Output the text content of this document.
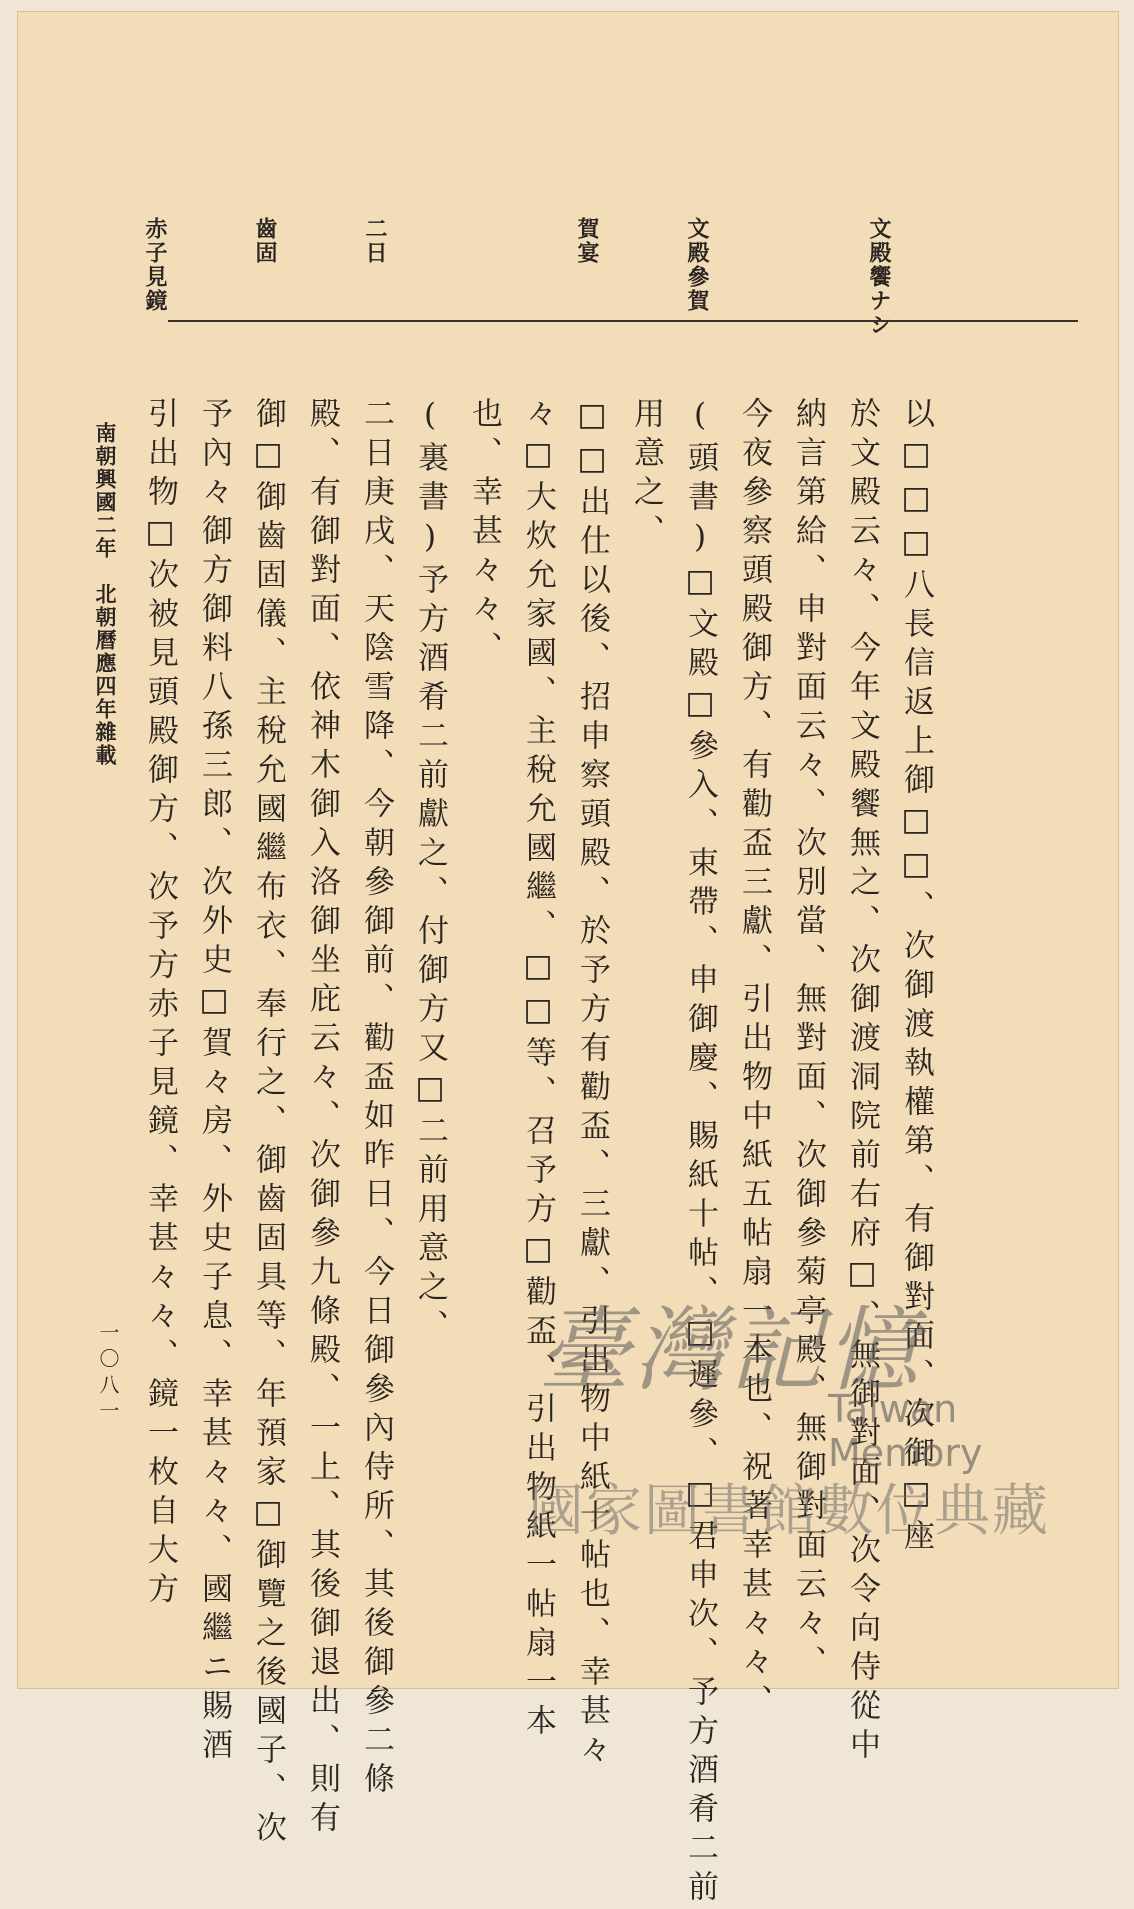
文殿饗ナシ
文殿參賀
賀宴
二日
齒固
赤子見鏡
以□□□八長信返上御□□、次御渡執權第、有御對面、次御□座
於文殿云々、今年文殿饗無之、次御渡洞院前右府□、無御對面、次令向侍從中
納言第給、申對面云々、次別當、無對面、次御參菊亭殿、無御對面云々、
今夜參察頭殿御方、有勸盃三獻、引出物中紙五帖扇一本也、祝著幸甚々々、
(頭書)□文殿□參入、束帶、申御慶、賜紙十帖、□遲參、□君申次、予方酒肴二前
用意之、
□□出仕以後、招申察頭殿、於予方有勸盃、三獻、引出物中紙十帖也、幸甚々
々□大炊允家國、主稅允國繼、□□等、召予方□勸盃、引出物紙一帖扇一本
也、幸甚々々、
(裏書)予方酒肴二前獻之、付御方又□二前用意之、
二日庚戌、天陰雪降、今朝參御前、勸盃如昨日、今日御參內侍所、其後御參二條
殿、有御對面、依神木御入洛御坐庇云々、次御參九條殿、一上、其後御退出、則有
御□御齒固儀、主稅允國繼布衣、奉行之、御齒固具等、年預家□御覽之後國子、次
予內々御方御料八孫三郎、次外史□賀々房、外史子息、幸甚々々、國繼ニ賜酒
引出物□次被見頭殿御方、次予方赤子見鏡、幸甚々々、鏡一枚自大方
南朝興國二年　北朝曆應四年雜載
一〇八一	臺灣記憶
Taiwan Memory
國家圖書館數位典藏
